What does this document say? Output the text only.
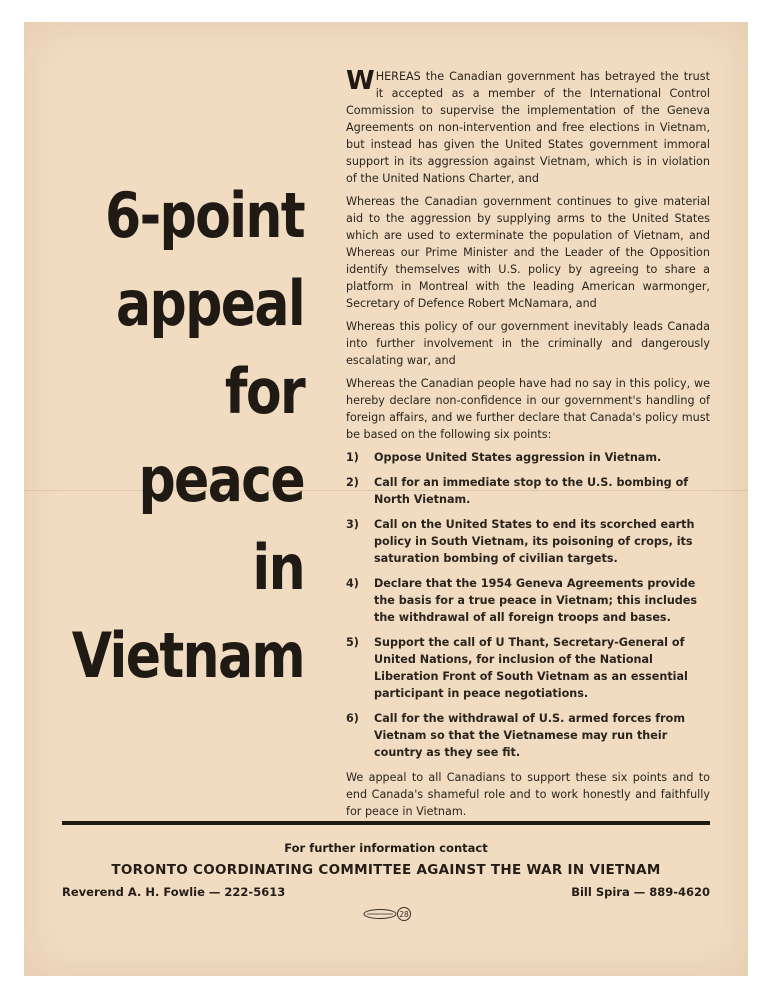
6-point
appeal
for
peace
in
Vietnam

WHEREAS the Canadian government has betrayed the trust it accepted as a member of the International Control Commission to supervise the implementation of the Geneva Agreements on non-intervention and free elections in Vietnam, but instead has given the United States government immoral support in its aggression against Vietnam, which is in violation of the United Nations Charter, and

Whereas the Canadian government continues to give material aid to the aggression by supplying arms to the United States which are used to exterminate the population of Vietnam, and Whereas our Prime Minister and the Leader of the Opposition identify themselves with U.S. policy by agreeing to share a platform in Montreal with the leading American warmonger, Secretary of Defence Robert McNamara, and

Whereas this policy of our government inevitably leads Canada into further involvement in the criminally and dangerously escalating war, and

Whereas the Canadian people have had no say in this policy, we hereby declare non-confidence in our government's handling of foreign affairs, and we further declare that Canada's policy must be based on the following six points:

1)	Oppose United States aggression in Vietnam.
2)	Call for an immediate stop to the U.S. bombing of North Vietnam.
3)	Call on the United States to end its scorched earth policy in South Vietnam, its poisoning of crops, its saturation bombing of civilian targets.
4)	Declare that the 1954 Geneva Agreements provide the basis for a true peace in Vietnam; this includes the withdrawal of all foreign troops and bases.
5)	Support the call of U Thant, Secretary-General of United Nations, for inclusion of the National Liberation Front of South Vietnam as an essential participant in peace negotiations.
6)	Call for the withdrawal of U.S. armed forces from Vietnam so that the Vietnamese may run their country as they see fit.

We appeal to all Canadians to support these six points and to end Canada's shameful role and to work honestly and faithfully for peace in Vietnam.

For further information contact
TORONTO COORDINATING COMMITTEE AGAINST THE WAR IN VIETNAM
Reverend A. H. Fowlie — 222-5613	Bill Spira — 889-4620
28
